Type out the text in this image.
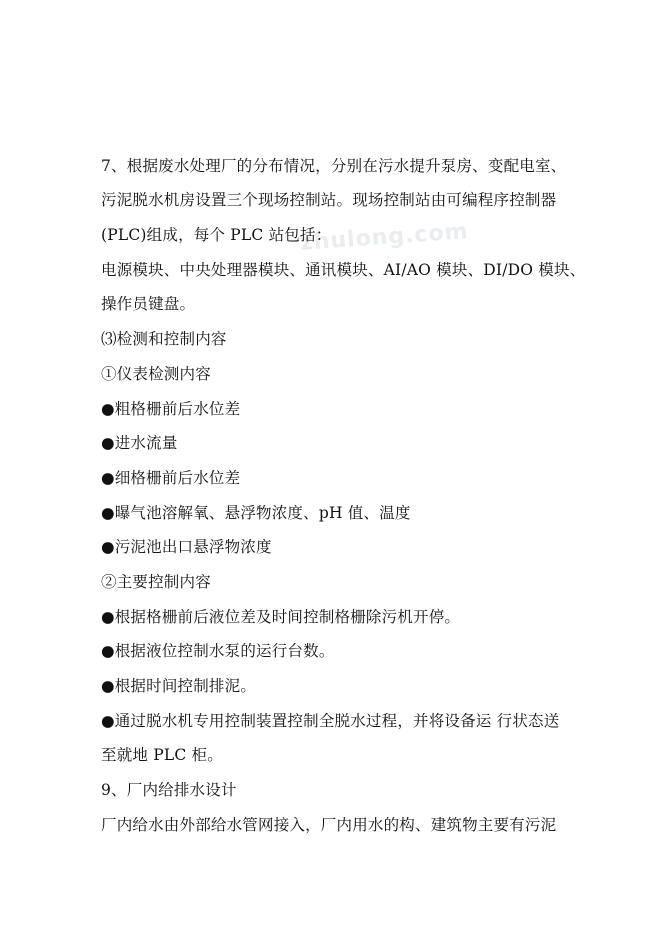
zhulong.com
7、根据废水处理厂的分布情况，分别在污水提升泵房、变配电室、
污泥脱水机房设置三个现场控制站。现场控制站由可编程序控制器
(PLC)组成，每个 PLC 站包括：
电源模块、中央处理器模块、通讯模块、AI/AO 模块、DI/DO 模块、
操作员键盘。
⑶检测和控制内容
①仪表检测内容
●粗格栅前后水位差
●进水流量
●细格栅前后水位差
●曝气池溶解氧、悬浮物浓度、pH 值、温度
●污泥池出口悬浮物浓度
②主要控制内容
●根据格栅前后液位差及时间控制格栅除污机开停。
●根据液位控制水泵的运行台数。
●根据时间控制排泥。
●通过脱水机专用控制装置控制全脱水过程，并将设备运 行状态送
至就地 PLC 柜。
9、厂内给排水设计
厂内给水由外部给水管网接入，厂内用水的构、建筑物主要有污泥
